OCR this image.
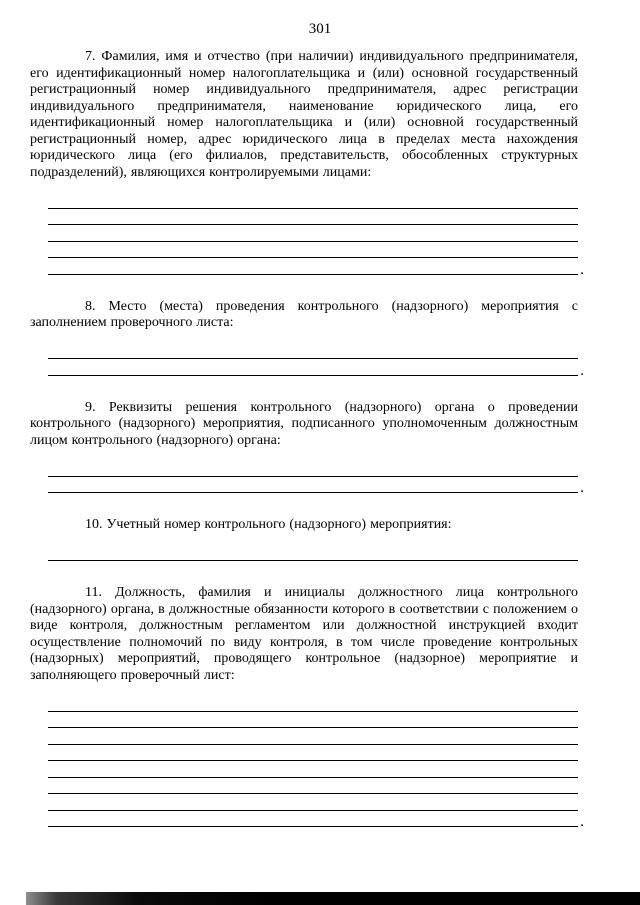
301

7. Фамилия, имя и отчество (при наличии) индивидуального предпринимателя, его идентификационный номер налогоплательщика и (или) основной государственный регистрационный номер индивидуального предпринимателя, адрес регистрации индивидуального предпринимателя, наименование юридического лица, его идентификационный номер налогоплательщика и (или) основной государственный регистрационный номер, адрес юридического лица в пределах места нахождения юридического лица (его филиалов, представительств, обособленных структурных подразделений), являющихся контролируемыми лицами:

.

8. Место (места) проведения контрольного (надзорного) мероприятия с заполнением проверочного листа:

.

9. Реквизиты решения контрольного (надзорного) органа о проведении контрольного (надзорного) мероприятия, подписанного уполномоченным должностным лицом контрольного (надзорного) органа:

.

10. Учетный номер контрольного (надзорного) мероприятия:

11. Должность, фамилия и инициалы должностного лица контрольного (надзорного) органа, в должностные обязанности которого в соответствии с положением о виде контроля, должностным регламентом или должностной инструкцией входит осуществление полномочий по виду контроля, в том числе проведение контрольных (надзорных) мероприятий, проводящего контрольное (надзорное) мероприятие и заполняющего проверочный лист:

.
